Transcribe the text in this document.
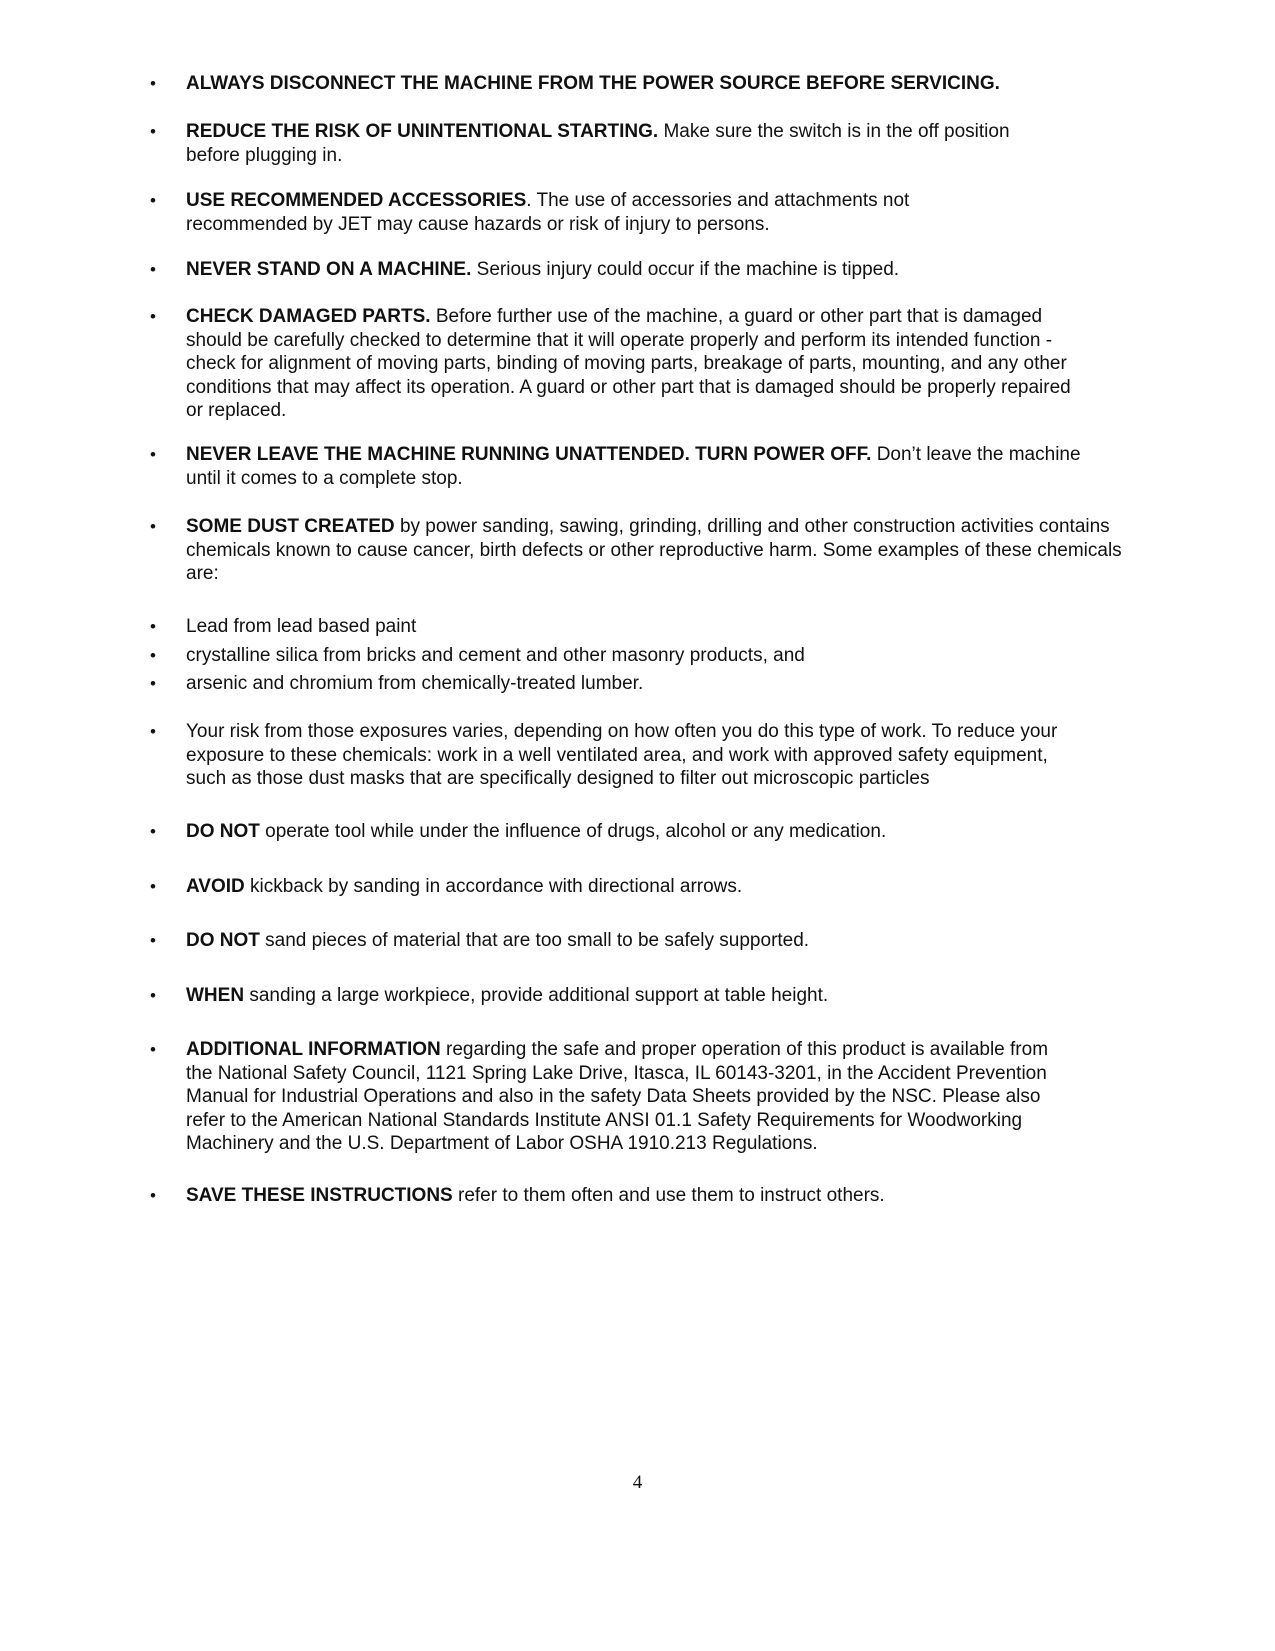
•	ALWAYS DISCONNECT THE MACHINE FROM THE POWER SOURCE BEFORE SERVICING.
•	REDUCE THE RISK OF UNINTENTIONAL STARTING. Make sure the switch is in the off position before plugging in.
•	USE RECOMMENDED ACCESSORIES. The use of accessories and attachments not recommended by JET may cause hazards or risk of injury to persons.
•	NEVER STAND ON A MACHINE. Serious injury could occur if the machine is tipped.
•	CHECK DAMAGED PARTS. Before further use of the machine, a guard or other part that is damaged should be carefully checked to determine that it will operate properly and perform its intended function - check for alignment of moving parts, binding of moving parts, breakage of parts, mounting, and any other conditions that may affect its operation. A guard or other part that is damaged should be properly repaired or replaced.
•	NEVER LEAVE THE MACHINE RUNNING UNATTENDED. TURN POWER OFF. Don’t leave the machine until it comes to a complete stop.
•	SOME DUST CREATED by power sanding, sawing, grinding, drilling and other construction activities contains chemicals known to cause cancer, birth defects or other reproductive harm. Some examples of these chemicals are:
•	Lead from lead based paint
•	crystalline silica from bricks and cement and other masonry products, and
•	arsenic and chromium from chemically-treated lumber.
•	Your risk from those exposures varies, depending on how often you do this type of work. To reduce your exposure to these chemicals: work in a well ventilated area, and work with approved safety equipment, such as those dust masks that are specifically designed to filter out microscopic particles
•	DO NOT operate tool while under the influence of drugs, alcohol or any medication.
•	AVOID kickback by sanding in accordance with directional arrows.
•	DO NOT sand pieces of material that are too small to be safely supported.
•	WHEN sanding a large workpiece, provide additional support at table height.
•	ADDITIONAL INFORMATION regarding the safe and proper operation of this product is available from the National Safety Council, 1121 Spring Lake Drive, Itasca, IL 60143-3201, in the Accident Prevention Manual for Industrial Operations and also in the safety Data Sheets provided by the NSC. Please also refer to the American National Standards Institute ANSI 01.1 Safety Requirements for Woodworking Machinery and the U.S. Department of Labor OSHA 1910.213 Regulations.
•	SAVE THESE INSTRUCTIONS refer to them often and use them to instruct others.
4
